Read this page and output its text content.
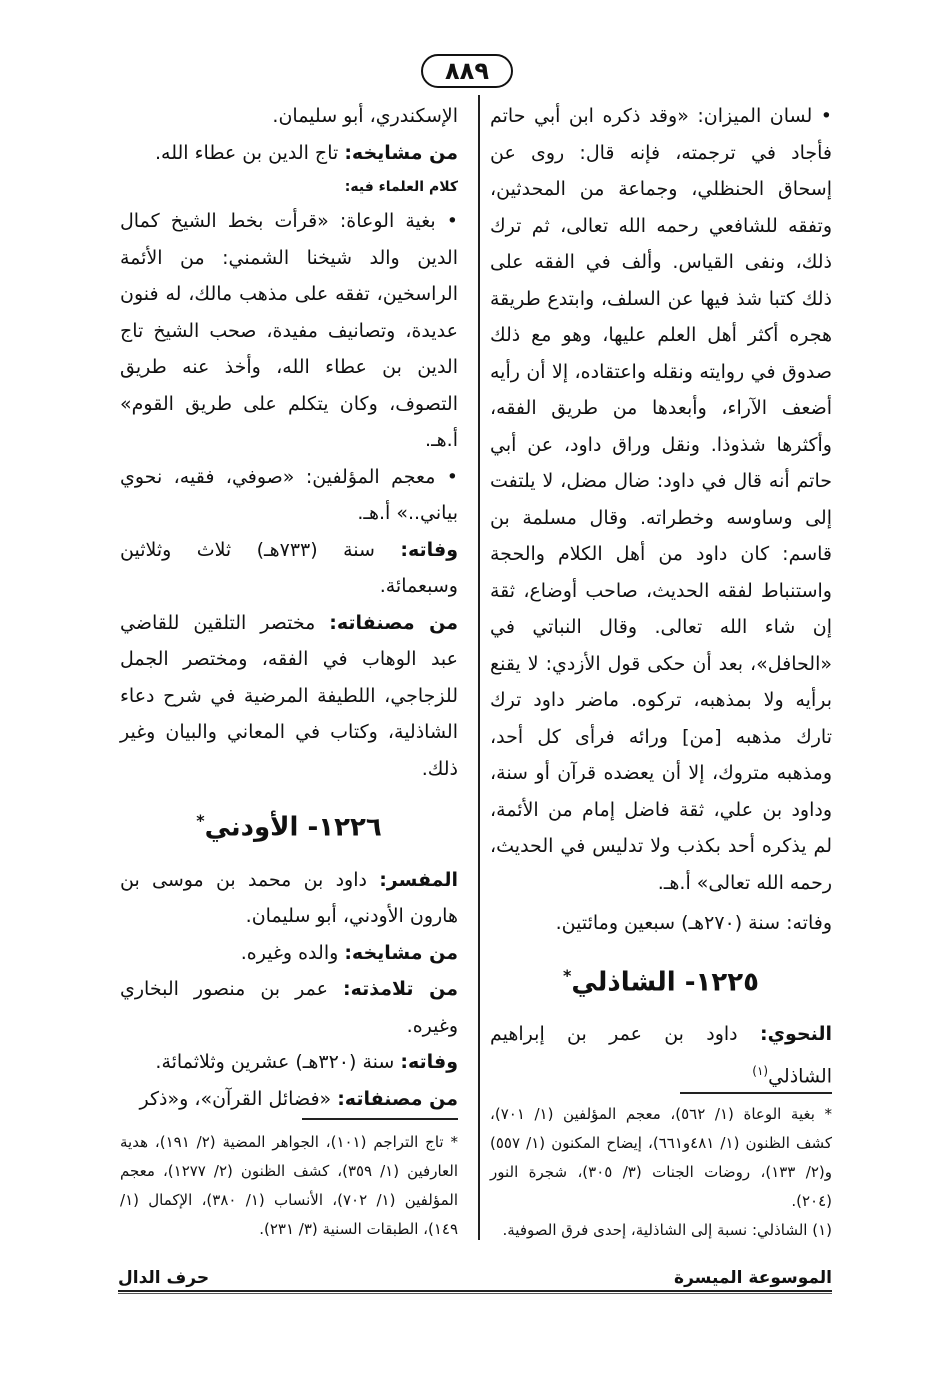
۸۸۹

• لسان الميزان: «وقد ذكره ابن أبي حاتم فأجاد في ترجمته، فإنه قال: روى عن إسحاق الحنظلي، وجماعة من المحدثين، وتفقه للشافعي رحمه الله تعالى، ثم ترك ذلك، ونفى القياس. وألف في الفقه على ذلك كتبا شذ فيها عن السلف، وابتدع طريقة هجره أكثر أهل العلم عليها، وهو مع ذلك صدوق في روايته ونقله واعتقاده، إلا أن رأيه أضعف الآراء، وأبعدها من طريق الفقه، وأكثرها شذوذا. ونقل وراق داود، عن أبي حاتم أنه قال في داود: ضال مضل، لا يلتفت إلى وساوسه وخطراته. وقال مسلمة بن قاسم: كان داود من أهل الكلام والحجة واستنباط لفقه الحديث، صاحب أوضاع، ثقة إن شاء الله تعالى. وقال النباتي في «الحافل»، بعد أن حكى قول الأزدي: لا يقنع برأيه ولا بمذهبه، تركوه. ماضر داود ترك تارك مذهبه [من] ورائه فرأى كل أحد، ومذهبه متروك، إلا أن يعضده قرآن أو سنة، وداود بن علي، ثقة فاضل إمام من الأئمة، لم يذكره أحد بكذب ولا تدليس في الحديث، رحمه الله تعالى» أ.هـ.

وفاته: سنة (٢٧٠هـ) سبعين ومائتين.

١٢٢٥- الشاذلي*

النحوي: داود بن عمر بن إبراهيم الشاذلي$^{(١)}$

الإسكندري، أبو سليمان.

من مشايخه: تاج الدين بن عطاء الله.

كلام العلماء فيه:

• بغية الوعاة: «قرأت بخط الشيخ كمال الدين والد شيخنا الشمني: من الأئمة الراسخين، تفقه على مذهب مالك، له فنون عديدة، وتصانيف مفيدة، صحب الشيخ تاج الدين بن عطاء الله، وأخذ عنه طريق التصوف، وكان يتكلم على طريق القوم» أ.هـ.

• معجم المؤلفين: «صوفي، فقيه، نحوي بياني..» أ.هـ.

وفاته: سنة (٧٣٣هـ) ثلاث وثلاثين وسبعمائة.

من مصنفاته: مختصر التلقين للقاضي عبد الوهاب في الفقه، ومختصر الجمل للزجاجي، اللطيفة المرضية في شرح دعاء الشاذلية، وكتاب في المعاني والبيان وغير ذلك.

١٢٢٦- الأودني*

المفسر: داود بن محمد بن موسى بن هارون الأودني، أبو سليمان.

من مشايخه: والده وغيره.

من تلامذته: عمر بن منصور البخاري وغيره.

وفاته: سنة (٣٢٠هـ) عشرين وثلاثمائة.

من مصنفاته: «فضائل القرآن»، و«ذكر

* بغية الوعاة (١/ ٥٦٢)، معجم المؤلفين (١/ ٧٠١)، كشف الظنون (١/ ٤٨١و٦٦١)، إيضاح المكنون (١/ ٥٥٧) و(٢/ ١٣٣)، روضات الجنات (٣/ ٣٠٥)، شجرة النور (٢٠٤).

(١) الشاذلي: نسبة إلى الشاذلية، إحدى فرق الصوفية.

* تاج التراجم (١٠١)، الجواهر المضية (٢/ ١٩١)، هدية العارفين (١/ ٣٥٩)، كشف الظنون (٢/ ١٢٧٧)، معجم المؤلفين (١/ ٧٠٢)، الأنساب (١/ ٣٨٠)، الإكمال (١/ ١٤٩)، الطبقات السنية (٣/ ٢٣١).

الموسوعة الميسرة
حرف الدال
